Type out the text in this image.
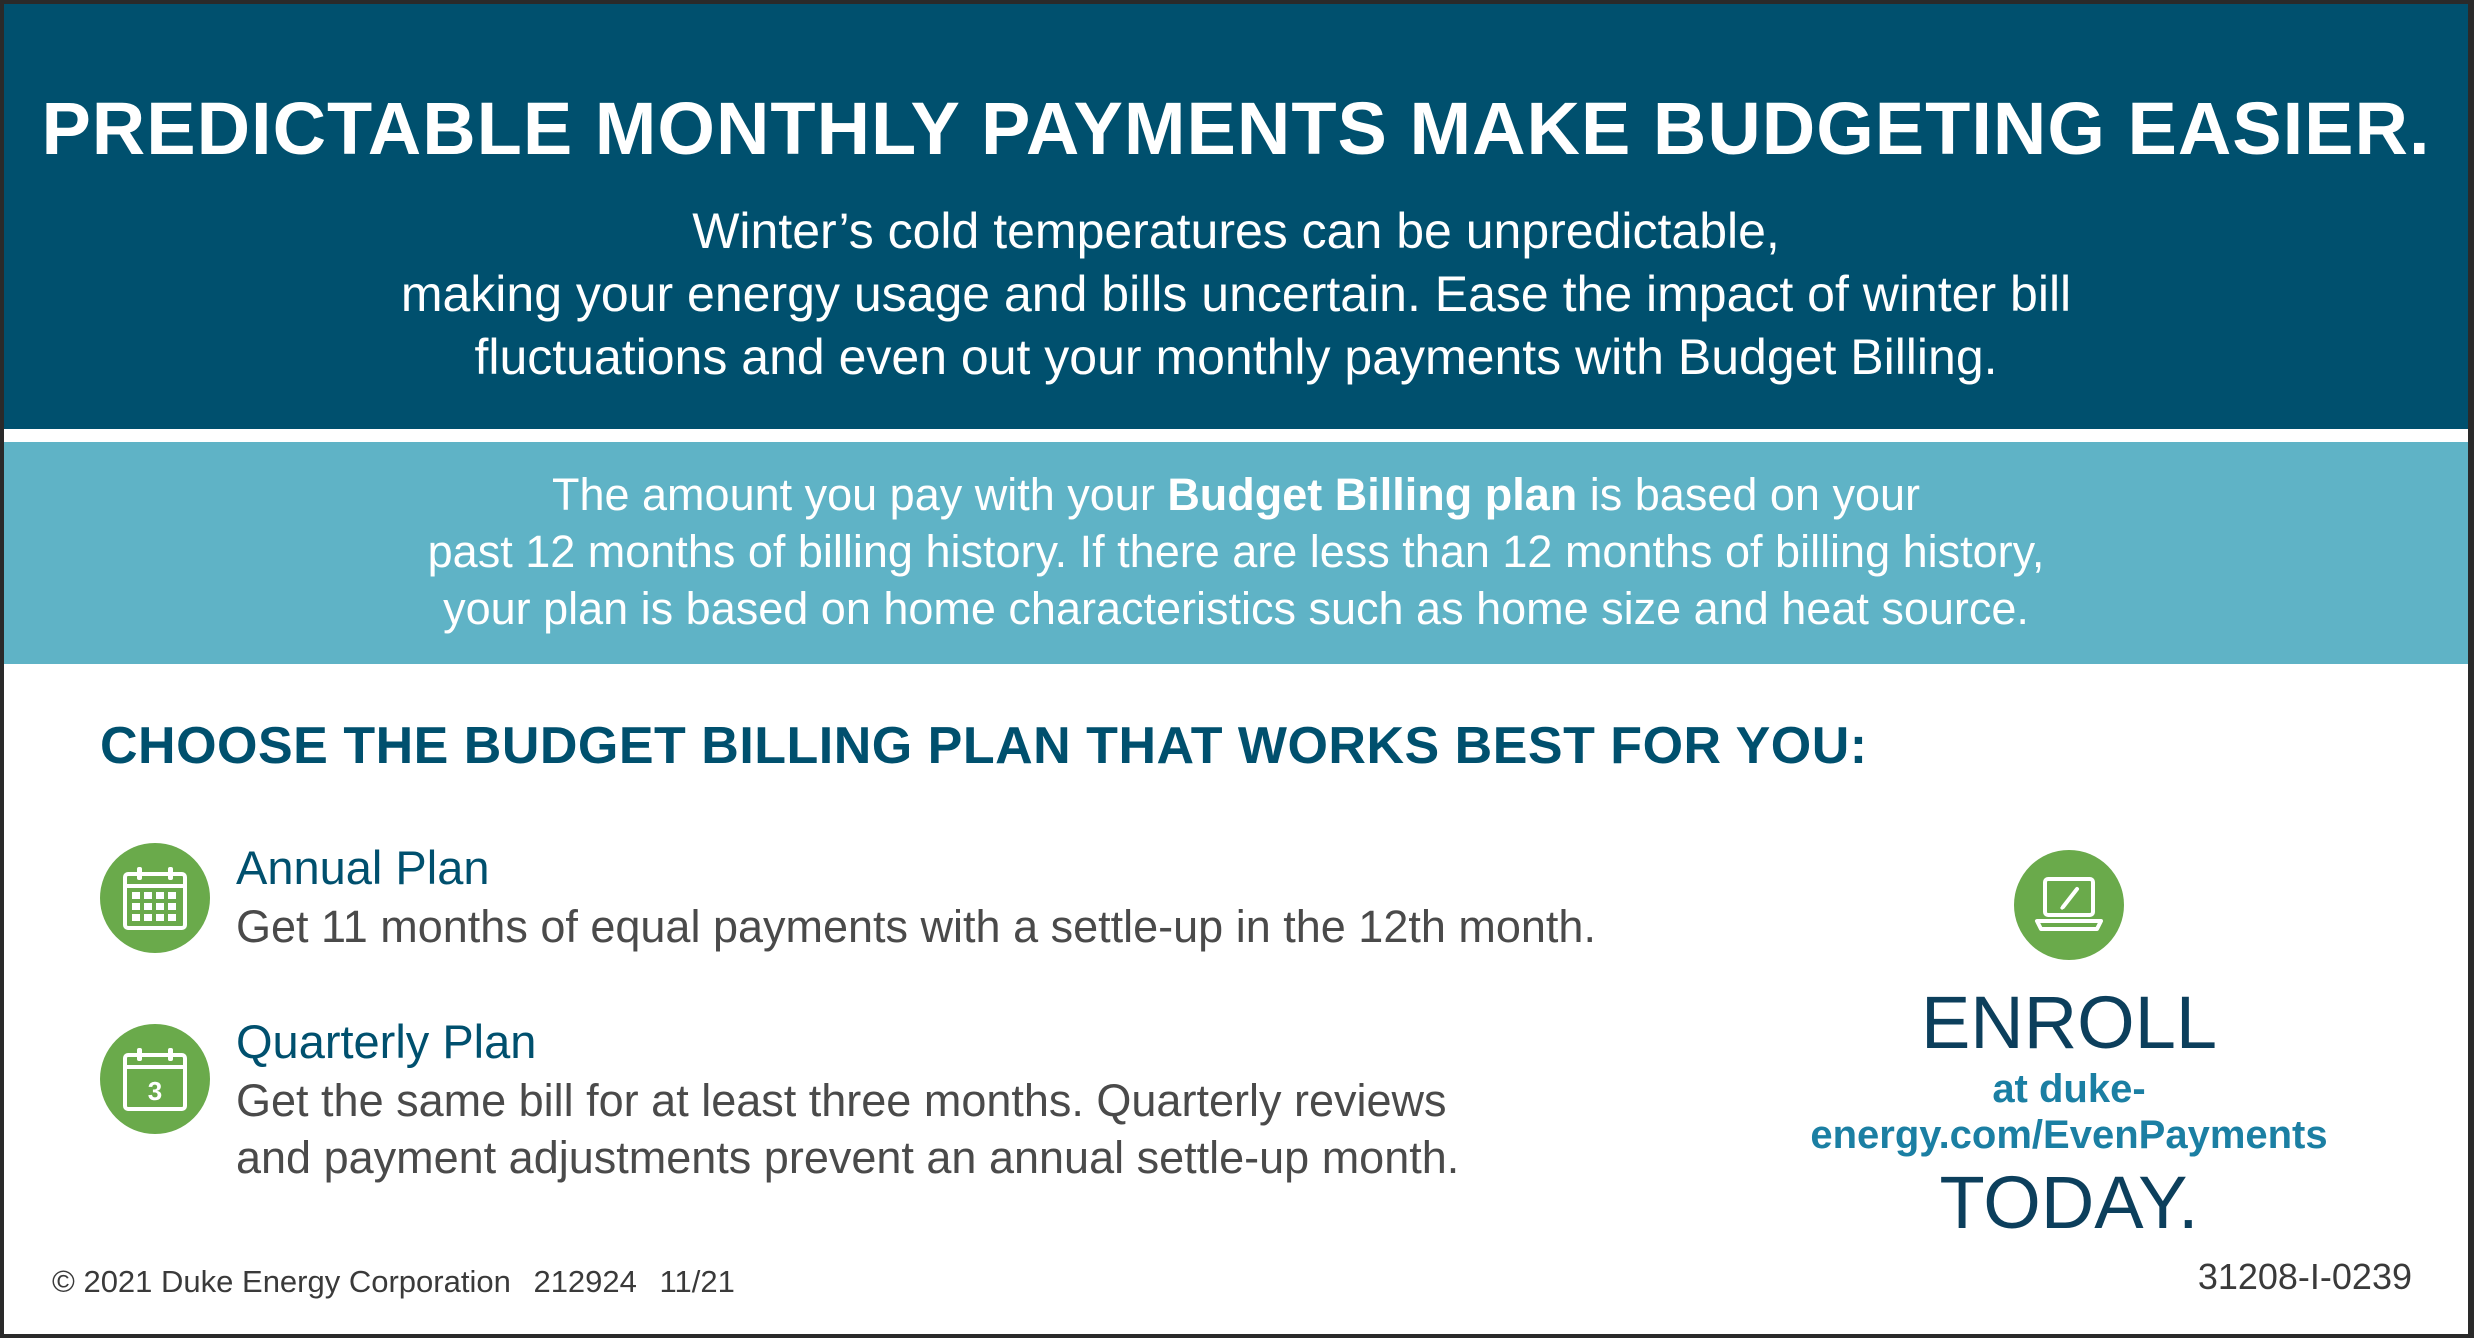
PREDICTABLE MONTHLY PAYMENTS MAKE BUDGETING EASIER.
Winter’s cold temperatures can be unpredictable,
making your energy usage and bills uncertain. Ease the impact of winter bill
fluctuations and even out your monthly payments with Budget Billing.
The amount you pay with your Budget Billing plan is based on your
past 12 months of billing history. If there are less than 12 months of billing history,
your plan is based on home characteristics such as home size and heat source.
CHOOSE THE BUDGET BILLING PLAN THAT WORKS BEST FOR YOU:
Annual Plan
Get 11 months of equal payments with a settle-up in the 12th month.
3
Quarterly Plan
Get the same bill for at least three months. Quarterly reviews
and payment adjustments prevent an annual settle-up month.
ENROLL
at duke-energy.com/EvenPayments
TODAY.
© 2021 Duke Energy Corporation 212924 11/21	31208-I-0239
